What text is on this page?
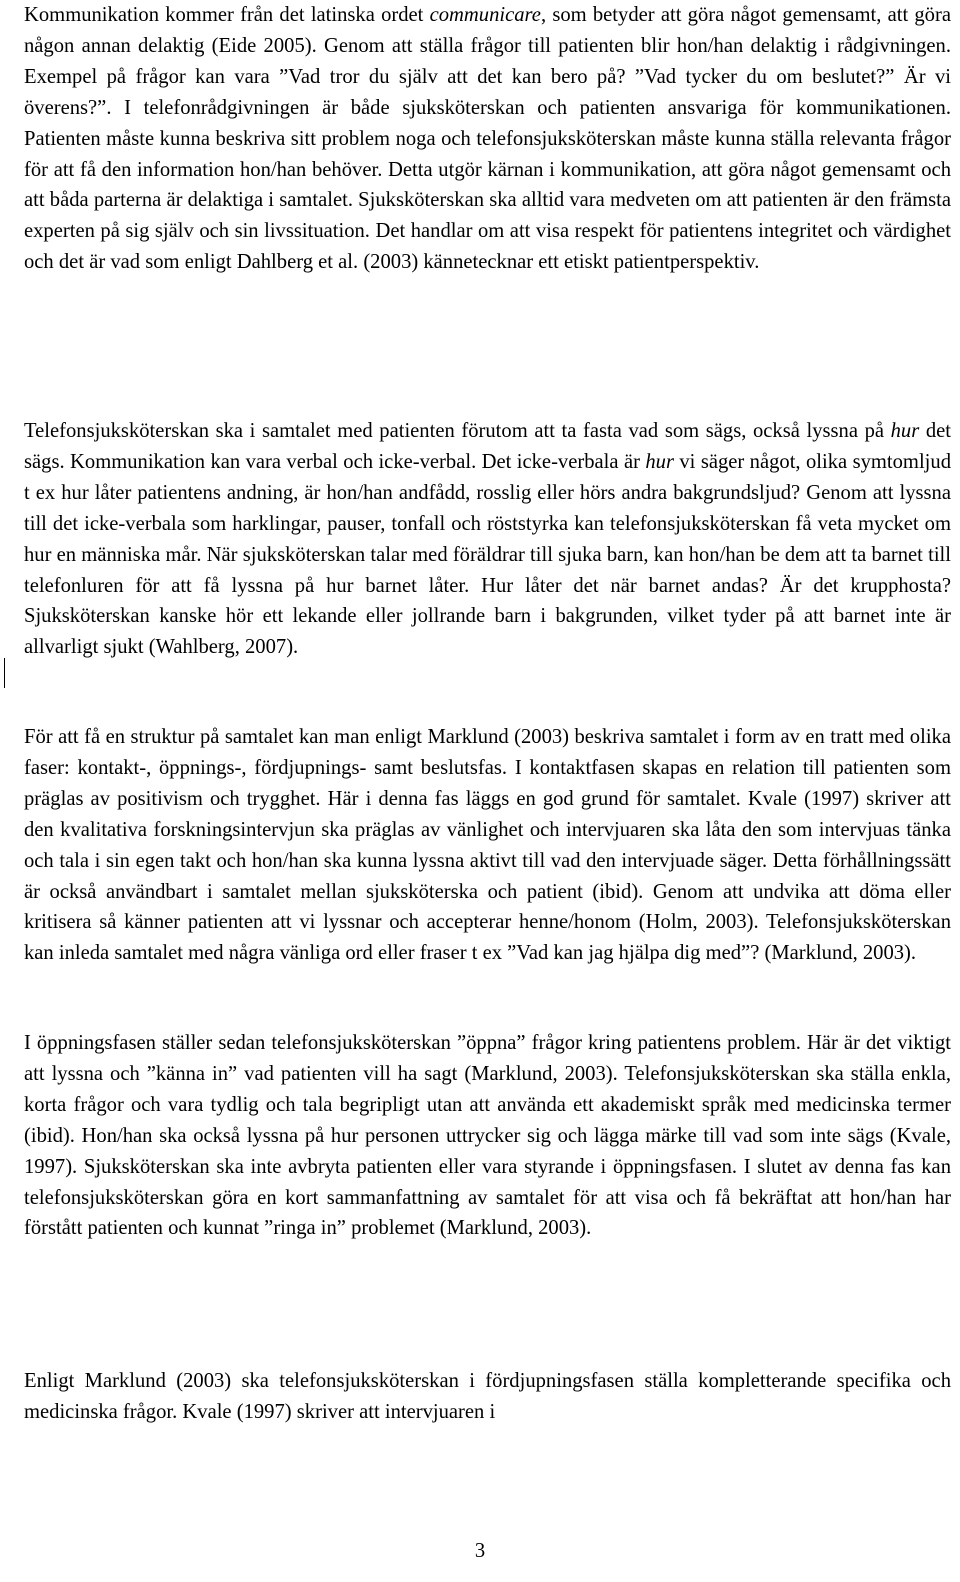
Kommunikation kommer från det latinska ordet communicare, som betyder att göra något gemensamt, att göra någon annan delaktig (Eide 2005). Genom att ställa frågor till patienten blir hon/han delaktig i rådgivningen. Exempel på frågor kan vara ”Vad tror du själv att det kan bero på? ”Vad tycker du om beslutet?” Är vi överens?”. I telefonrådgivningen är både sjuksköterskan och patienten ansvariga för kommunikationen. Patienten måste kunna beskriva sitt problem noga och telefonsjuksköterskan måste kunna ställa relevanta frågor för att få den information hon/han behöver. Detta utgör kärnan i kommunikation, att göra något gemensamt och att båda parterna är delaktiga i samtalet. Sjuksköterskan ska alltid vara medveten om att patienten är den främsta experten på sig själv och sin livssituation. Det handlar om att visa respekt för patientens integritet och värdighet och det är vad som enligt Dahlberg et al. (2003) kännetecknar ett etiskt patientperspektiv.

Telefonsjuksköterskan ska i samtalet med patienten förutom att ta fasta vad som sägs, också lyssna på hur det sägs. Kommunikation kan vara verbal och icke-verbal. Det icke-verbala är hur vi säger något, olika symtomljud t ex hur låter patientens andning, är hon/han andfådd, rosslig eller hörs andra bakgrundsljud? Genom att lyssna till det icke-verbala som harklingar, pauser, tonfall och röststyrka kan telefonsjuksköterskan få veta mycket om hur en människa mår. När sjuksköterskan talar med föräldrar till sjuka barn, kan hon/han be dem att ta barnet till telefonluren för att få lyssna på hur barnet låter. Hur låter det när barnet andas? Är det krupphosta? Sjuksköterskan kanske hör ett lekande eller jollrande barn i bakgrunden, vilket tyder på att barnet inte är allvarligt sjukt (Wahlberg, 2007).

För att få en struktur på samtalet kan man enligt Marklund (2003) beskriva samtalet i form av en tratt med olika faser: kontakt-, öppnings-, fördjupnings- samt beslutsfas. I kontaktfasen skapas en relation till patienten som präglas av positivism och trygghet. Här i denna fas läggs en god grund för samtalet. Kvale (1997) skriver att den kvalitativa forskningsintervjun ska präglas av vänlighet och intervjuaren ska låta den som intervjuas tänka och tala i sin egen takt och hon/han ska kunna lyssna aktivt till vad den intervjuade säger. Detta förhållningssätt är också användbart i samtalet mellan sjuksköterska och patient (ibid). Genom att undvika att döma eller kritisera så känner patienten att vi lyssnar och accepterar henne/honom (Holm, 2003). Telefonsjuksköterskan kan inleda samtalet med några vänliga ord eller fraser t ex ”Vad kan jag hjälpa dig med”? (Marklund, 2003).

I öppningsfasen ställer sedan telefonsjuksköterskan ”öppna” frågor kring patientens problem. Här är det viktigt att lyssna och ”känna in” vad patienten vill ha sagt (Marklund, 2003). Telefonsjuksköterskan ska ställa enkla, korta frågor och vara tydlig och tala begripligt utan att använda ett akademiskt språk med medicinska termer (ibid). Hon/han ska också lyssna på hur personen uttrycker sig och lägga märke till vad som inte sägs (Kvale, 1997). Sjuksköterskan ska inte avbryta patienten eller vara styrande i öppningsfasen. I slutet av denna fas kan telefonsjuksköterskan göra en kort sammanfattning av samtalet för att visa och få bekräftat att hon/han har förstått patienten och kunnat ”ringa in” problemet (Marklund, 2003).

Enligt Marklund (2003) ska telefonsjuksköterskan i fördjupningsfasen ställa kompletterande specifika och medicinska frågor. Kvale (1997) skriver att intervjuaren i

3
